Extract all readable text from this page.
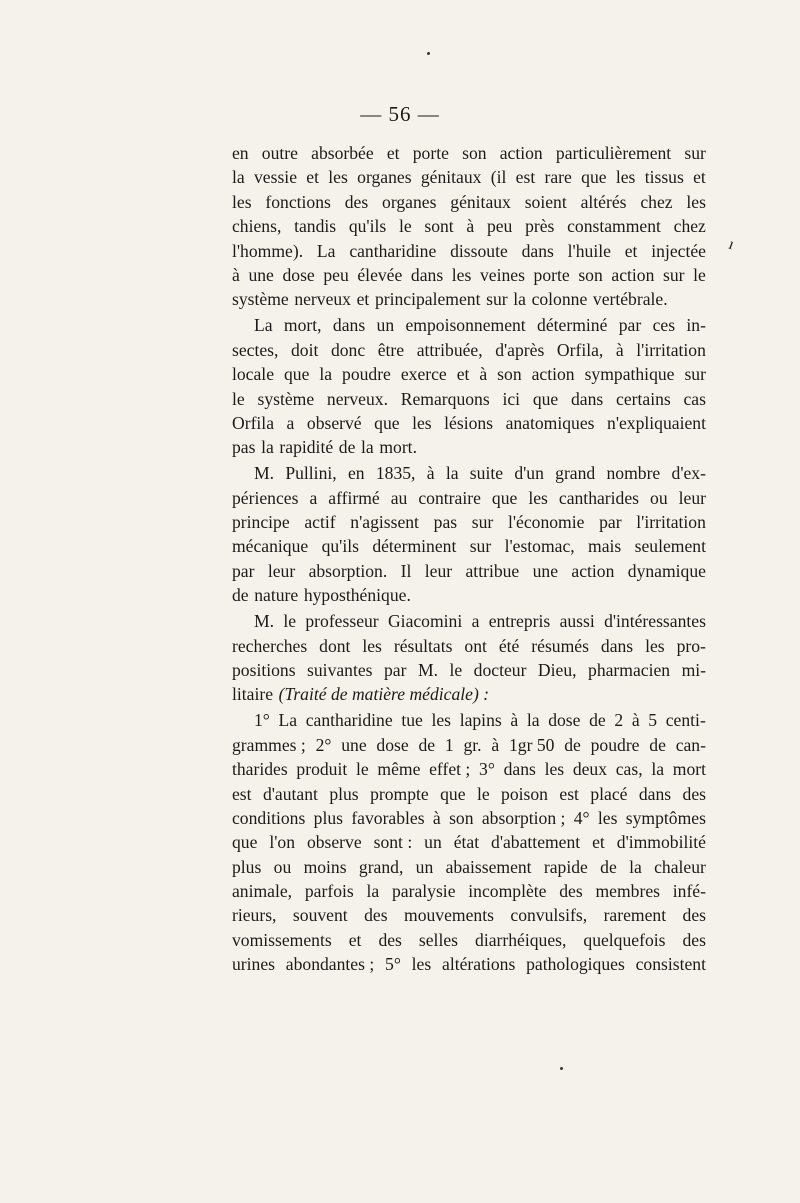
— 56 —
ı
en outre absorbée et porte son action particulièrement sur
la vessie et les organes génitaux (il est rare que les tissus et
les fonctions des organes génitaux soient altérés chez les
chiens, tandis qu'ils le sont à peu près constamment chez
l'homme). La cantharidine dissoute dans l'huile et injectée
à une dose peu élevée dans les veines porte son action sur le
système nerveux et principalement sur la colonne vertébrale.
La mort, dans un empoisonnement déterminé par ces in-
sectes, doit donc être attribuée, d'après Orfila, à l'irritation
locale que la poudre exerce et à son action sympathique sur
le système nerveux. Remarquons ici que dans certains cas
Orfila a observé que les lésions anatomiques n'expliquaient
pas la rapidité de la mort.
M. Pullini, en 1835, à la suite d'un grand nombre d'ex-
périences a affirmé au contraire que les cantharides ou leur
principe actif n'agissent pas sur l'économie par l'irritation
mécanique qu'ils déterminent sur l'estomac, mais seulement
par leur absorption. Il leur attribue une action dynamique
de nature hyposthénique.
M. le professeur Giacomini a entrepris aussi d'intéressantes
recherches dont les résultats ont été résumés dans les pro-
positions suivantes par M. le docteur Dieu, pharmacien mi-
litaire (Traité de matière médicale) :
1° La cantharidine tue les lapins à la dose de 2 à 5 centi-
grammes ; 2° une dose de 1 gr. à 1gr 50 de poudre de can-
tharides produit le même effet ; 3° dans les deux cas, la mort
est d'autant plus prompte que le poison est placé dans des
conditions plus favorables à son absorption ; 4° les symptômes
que l'on observe sont : un état d'abattement et d'immobilité
plus ou moins grand, un abaissement rapide de la chaleur
animale, parfois la paralysie incomplète des membres infé-
rieurs, souvent des mouvements convulsifs, rarement des
vomissements et des selles diarrhéiques, quelquefois des
urines abondantes ; 5° les altérations pathologiques consistent
